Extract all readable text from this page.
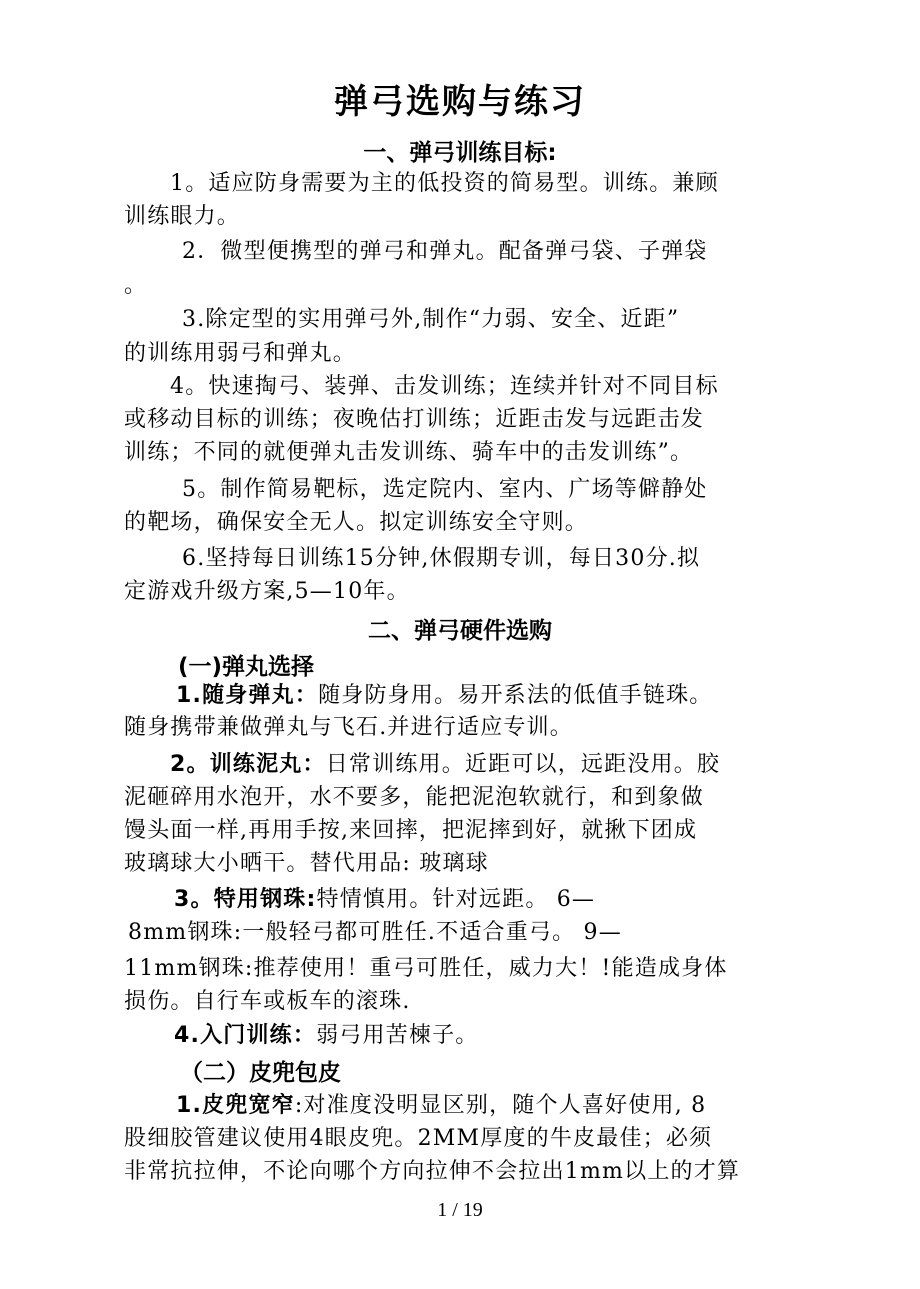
弹弓选购与练习
一、弹弓训练目标:
1。适应防身需要为主的低投资的简易型。训练。兼顾
训练眼力。
2．微型便携型的弹弓和弹丸。配备弹弓袋、子弹袋
。
3.除定型的实用弹弓外,制作“力弱、安全、近距”
的训练用弱弓和弹丸。
4。快速掏弓、装弹、击发训练；连续并针对不同目标
或移动目标的训练；夜晚估打训练；近距击发与远距击发
训练；不同的就便弹丸击发训练、骑车中的击发训练”。
5。制作简易靶标，选定院内、室内、广场等僻静处
的靶场，确保安全无人。拟定训练安全守则。
6.坚持每日训练15分钟,休假期专训，每日30分.拟
定游戏升级方案,5—10年。
二、弹弓硬件选购
(一)弹丸选择
1.随身弹丸：随身防身用。易开系法的低值手链珠。
随身携带兼做弹丸与飞石.并进行适应专训。
2。训练泥丸：日常训练用。近距可以，远距没用。胶
泥砸碎用水泡开，水不要多，能把泥泡软就行，和到象做
馒头面一样,再用手按,来回摔，把泥摔到好，就揪下团成
玻璃球大小晒干。替代用品: 玻璃球
3。特用钢珠:特情慎用。针对远距。 6—
8mm钢珠:一般轻弓都可胜任.不适合重弓。 9—
11mm钢珠:推荐使用！重弓可胜任，威力大！!能造成身体
损伤。自行车或板车的滚珠.
4.入门训练：弱弓用苦楝子。
（二）皮兜包皮
1.皮兜宽窄:对准度没明显区别，随个人喜好使用, 8
股细胶管建议使用4眼皮兜。2MM厚度的牛皮最佳；必须
非常抗拉伸，不论向哪个方向拉伸不会拉出1mm以上的才算
1 / 19
